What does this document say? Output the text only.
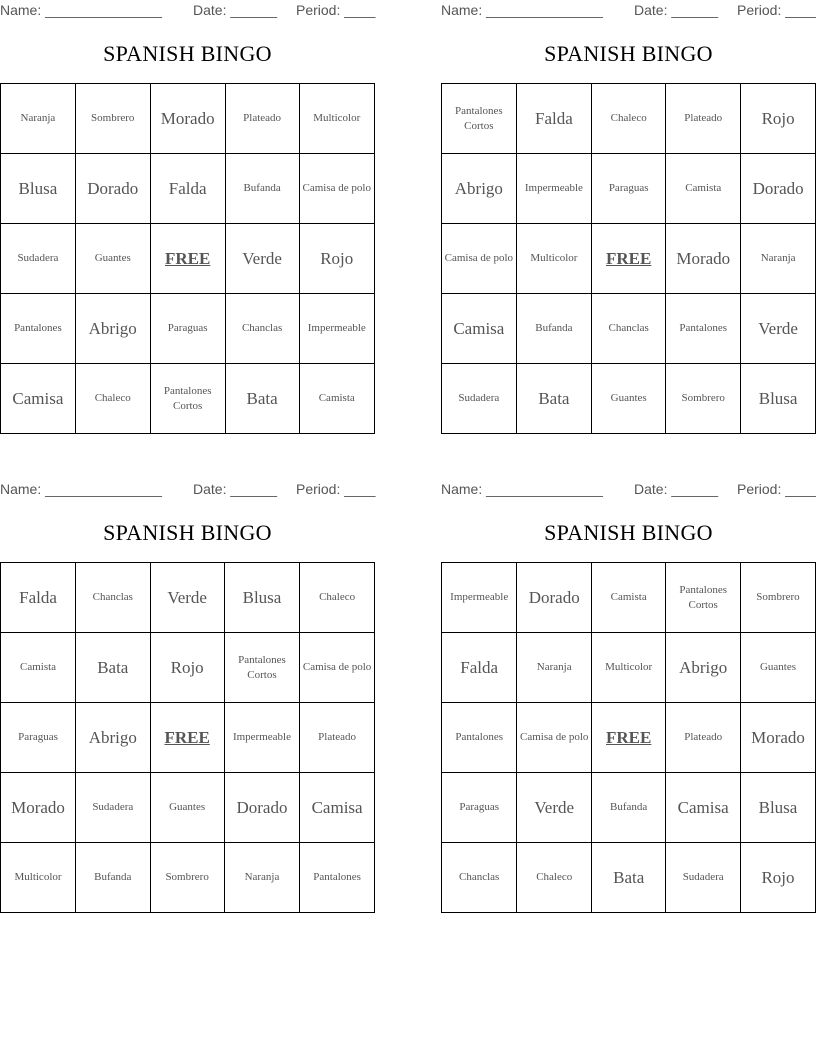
Name: _______________ Date: ______ Period: ____
SPANISH BINGO
Naranja	Sombrero	Morado	Plateado	Multicolor
Blusa	Dorado	Falda	Bufanda	Camisa de polo
Sudadera	Guantes	FREE	Verde	Rojo
Pantalones	Abrigo	Paraguas	Chanclas	Impermeable
Camisa	Chaleco	Pantalones Cortos	Bata	Camista
Name: _______________ Date: ______ Period: ____
SPANISH BINGO
Pantalones Cortos	Falda	Chaleco	Plateado	Rojo
Abrigo	Impermeable	Paraguas	Camista	Dorado
Camisa de polo	Multicolor	FREE	Morado	Naranja
Camisa	Bufanda	Chanclas	Pantalones	Verde
Sudadera	Bata	Guantes	Sombrero	Blusa
Name: _______________ Date: ______ Period: ____
SPANISH BINGO
Falda	Chanclas	Verde	Blusa	Chaleco
Camista	Bata	Rojo	Pantalones Cortos	Camisa de polo
Paraguas	Abrigo	FREE	Impermeable	Plateado
Morado	Sudadera	Guantes	Dorado	Camisa
Multicolor	Bufanda	Sombrero	Naranja	Pantalones
Name: _______________ Date: ______ Period: ____
SPANISH BINGO
Impermeable	Dorado	Camista	Pantalones Cortos	Sombrero
Falda	Naranja	Multicolor	Abrigo	Guantes
Pantalones	Camisa de polo	FREE	Plateado	Morado
Paraguas	Verde	Bufanda	Camisa	Blusa
Chanclas	Chaleco	Bata	Sudadera	Rojo
